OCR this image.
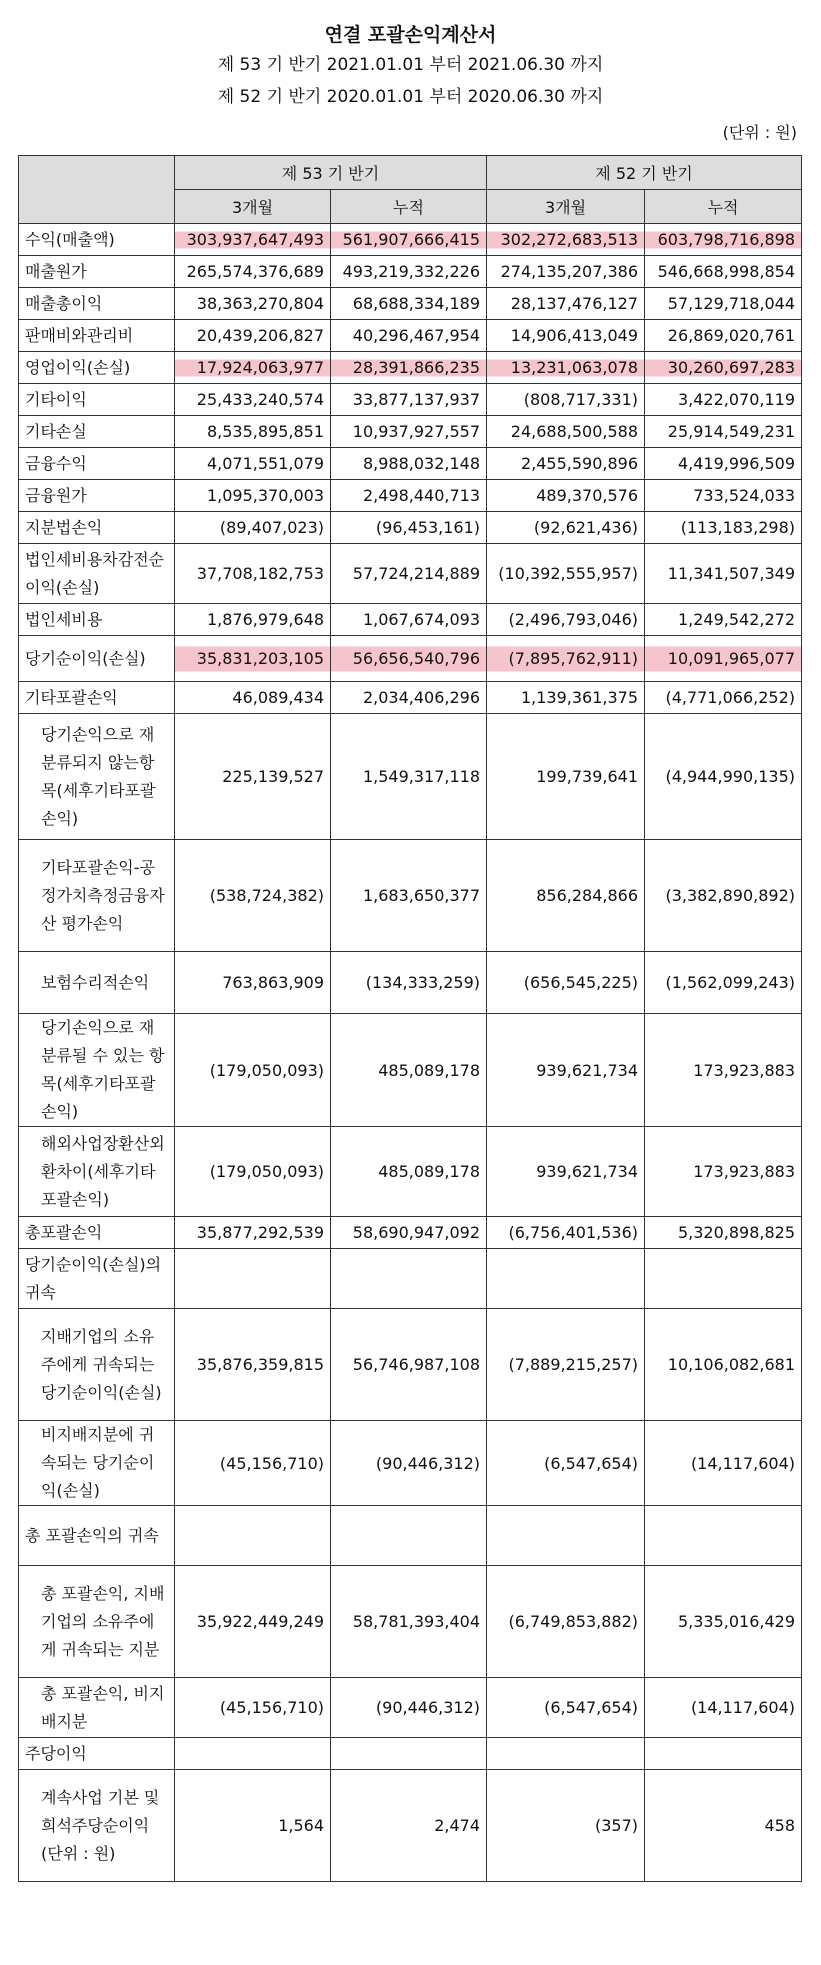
연결 포괄손익계산서
제 53 기 반기 2021.01.01 부터 2021.06.30 까지
제 52 기 반기 2020.01.01 부터 2020.06.30 까지
(단위 : 원)
	제 53 기 반기		제 52 기 반기	
	3개월	누적	3개월	누적
수익(매출액)	303,937,647,493	561,907,666,415	302,272,683,513	603,798,716,898
매출원가	265,574,376,689	493,219,332,226	274,135,207,386	546,668,998,854
매출총이익	38,363,270,804	68,688,334,189	28,137,476,127	57,129,718,044
판매비와관리비	20,439,206,827	40,296,467,954	14,906,413,049	26,869,020,761
영업이익(손실)	17,924,063,977	28,391,866,235	13,231,063,078	30,260,697,283
기타이익	25,433,240,574	33,877,137,937	(808,717,331)	3,422,070,119
기타손실	8,535,895,851	10,937,927,557	24,688,500,588	25,914,549,231
금융수익	4,071,551,079	8,988,032,148	2,455,590,896	4,419,996,509
금융원가	1,095,370,003	2,498,440,713	489,370,576	733,524,033
지분법손익	(89,407,023)	(96,453,161)	(92,621,436)	(113,183,298)
법인세비용차감전순이익(손실)	37,708,182,753	57,724,214,889	(10,392,555,957)	11,341,507,349
법인세비용	1,876,979,648	1,067,674,093	(2,496,793,046)	1,249,542,272
당기순이익(손실)	35,831,203,105	56,656,540,796	(7,895,762,911)	10,091,965,077
기타포괄손익	46,089,434	2,034,406,296	1,139,361,375	(4,771,066,252)
당기손익으로 재분류되지 않는항목(세후기타포괄손익)	225,139,527	1,549,317,118	199,739,641	(4,944,990,135)
기타포괄손익-공정가치측정금융자산 평가손익	(538,724,382)	1,683,650,377	856,284,866	(3,382,890,892)
보험수리적손익	763,863,909	(134,333,259)	(656,545,225)	(1,562,099,243)
당기손익으로 재분류될 수 있는 항목(세후기타포괄손익)	(179,050,093)	485,089,178	939,621,734	173,923,883
해외사업장환산외환차이(세후기타포괄손익)	(179,050,093)	485,089,178	939,621,734	173,923,883
총포괄손익	35,877,292,539	58,690,947,092	(6,756,401,536)	5,320,898,825
당기순이익(손실)의 귀속				
지배기업의 소유주에게 귀속되는 당기순이익(손실)	35,876,359,815	56,746,987,108	(7,889,215,257)	10,106,082,681
비지배지분에 귀속되는 당기순이익(손실)	(45,156,710)	(90,446,312)	(6,547,654)	(14,117,604)
총 포괄손익의 귀속				
총 포괄손익, 지배기업의 소유주에게 귀속되는 지분	35,922,449,249	58,781,393,404	(6,749,853,882)	5,335,016,429
총 포괄손익, 비지배지분	(45,156,710)	(90,446,312)	(6,547,654)	(14,117,604)
주당이익				
계속사업 기본 및 희석주당순이익 (단위 : 원)	1,564	2,474	(357)	458
